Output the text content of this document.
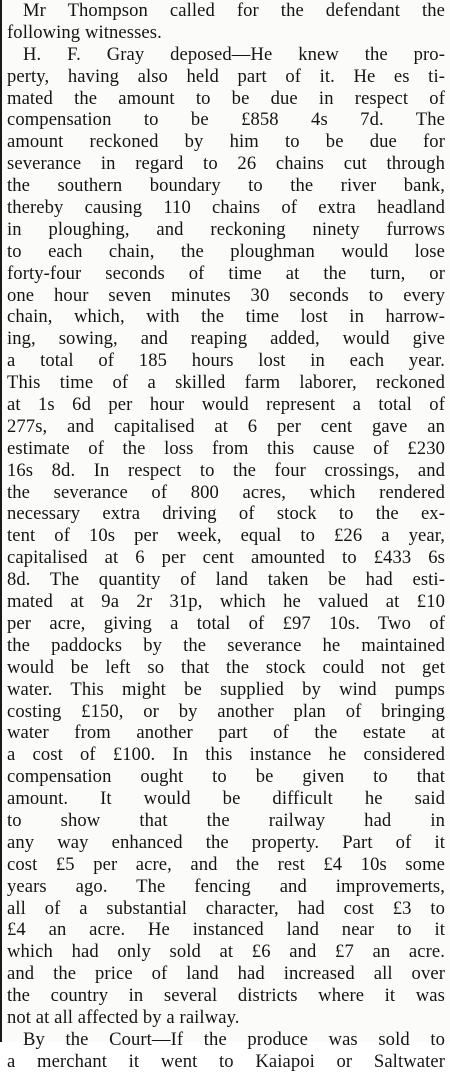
Mr Thompson called for the defendant the
following witnesses.
H. F. Gray deposed—He knew the pro-
perty, having also held part of it. He es ti-
mated the amount to be due in respect of
compensation to be £858 4s 7d. The
amount reckoned by him to be due for
severance in regard to 26 chains cut through
the southern boundary to the river bank,
thereby causing 110 chains of extra headland
in ploughing, and reckoning ninety furrows
to each chain, the ploughman would lose
forty-four seconds of time at the turn, or
one hour seven minutes 30 seconds to every
chain, which, with the time lost in harrow-
ing, sowing, and reaping added, would give
a total of 185 hours lost in each year.
This time of a skilled farm laborer, reckoned
at 1s 6d per hour would represent a total of
277s, and capitalised at 6 per cent gave an
estimate of the loss from this cause of £230
16s 8d. In respect to the four crossings, and
the severance of 800 acres, which rendered
necessary extra driving of stock to the ex-
tent of 10s per week, equal to £26 a year,
capitalised at 6 per cent amounted to £433 6s
8d. The quantity of land taken be had esti-
mated at 9a 2r 31p, which he valued at £10
per acre, giving a total of £97 10s. Two of
the paddocks by the severance he maintained
would be left so that the stock could not get
water. This might be supplied by wind pumps
costing £150, or by another plan of bringing
water from another part of the estate at
a cost of £100. In this instance he considered
compensation ought to be given to that
amount. It would be difficult he said
to show that the railway had in
any way enhanced the property. Part of it
cost £5 per acre, and the rest £4 10s some
years ago. The fencing and improvemerts,
all of a substantial character, had cost £3 to
£4 an acre. He instanced land near to it
which had only sold at £6 and £7 an acre.
and the price of land had increased all over
the country in several districts where it was
not at all affected by a railway.
By the Court—If the produce was sold to
a merchant it went to Kaiapoi or Saltwater
